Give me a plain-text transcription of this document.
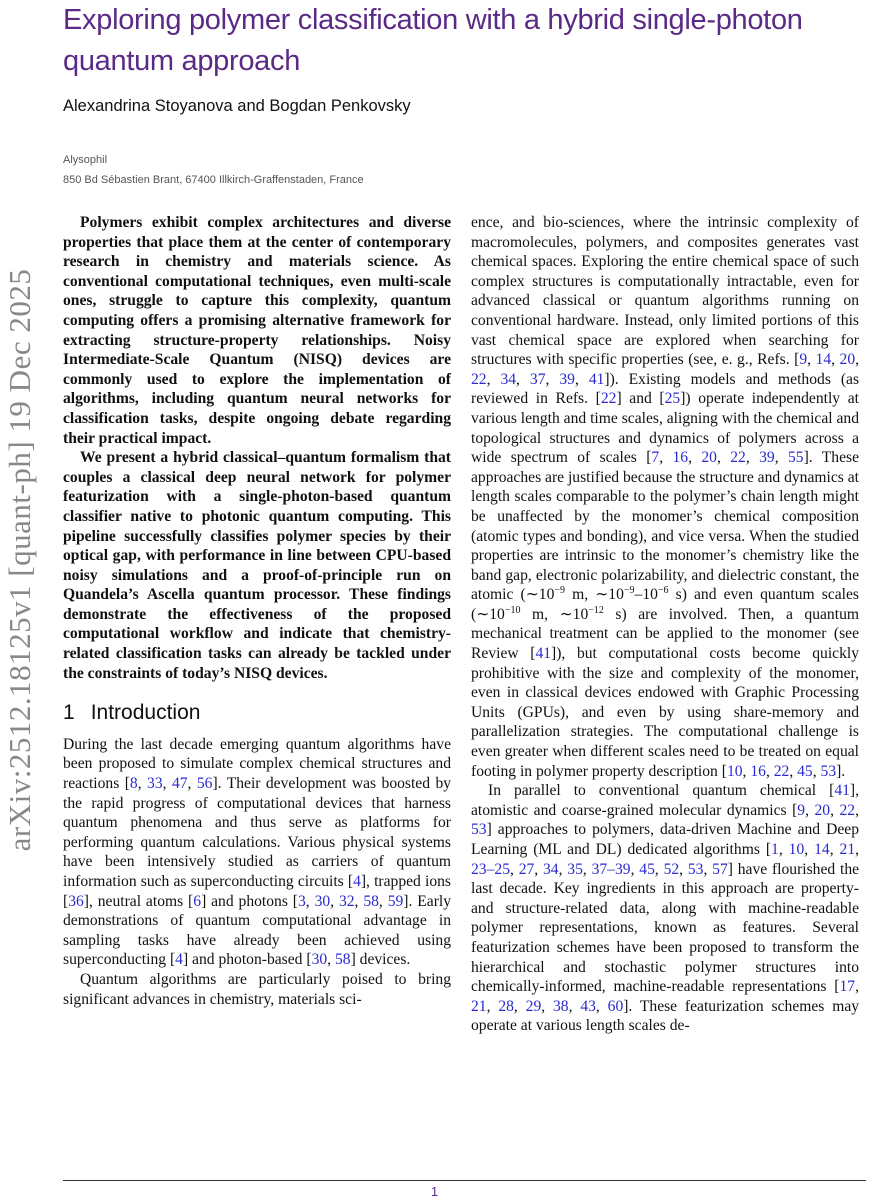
Exploring polymer classification with a hybrid single-photon quantum approach
Alexandrina Stoyanova and Bogdan Penkovsky
Alysophil
850 Bd Sébastien Brant, 67400 Illkirch-Graffenstaden, France
arXiv:2512.18125v1 [quant-ph] 19 Dec 2025

Polymers exhibit complex architectures and diverse properties that place them at the center of contemporary research in chemistry and materials science. As conventional computational techniques, even multi-scale ones, struggle to capture this complexity, quantum computing offers a promising alternative framework for extracting structure-property relationships. Noisy Intermediate-Scale Quantum (NISQ) devices are commonly used to explore the implementation of algorithms, including quantum neural networks for classification tasks, despite ongoing debate regarding their practical impact.

We present a hybrid classical–quantum formalism that couples a classical deep neural network for polymer featurization with a single-photon-based quantum classifier native to photonic quantum computing. This pipeline successfully classifies polymer species by their optical gap, with performance in line between CPU-based noisy simulations and a proof-of-principle run on Quandela’s Ascella quantum processor. These findings demonstrate the effectiveness of the proposed computational workflow and indicate that chemistry-related classification tasks can already be tackled under the constraints of today’s NISQ devices.

1 Introduction

During the last decade emerging quantum algorithms have been proposed to simulate complex chemical structures and reactions [8, 33, 47, 56]. Their development was boosted by the rapid progress of computational devices that harness quantum phenomena and thus serve as platforms for performing quantum calculations. Various physical systems have been intensively studied as carriers of quantum information such as superconducting circuits [4], trapped ions [36], neutral atoms [6] and photons [3, 30, 32, 58, 59]. Early demonstrations of quantum computational advantage in sampling tasks have already been achieved using superconducting [4] and photon-based [30, 58] devices.

Quantum algorithms are particularly poised to bring significant advances in chemistry, materials sci-

ence, and bio-sciences, where the intrinsic complexity of macromolecules, polymers, and composites generates vast chemical spaces. Exploring the entire chemical space of such complex structures is computationally intractable, even for advanced classical or quantum algorithms running on conventional hardware. Instead, only limited portions of this vast chemical space are explored when searching for structures with specific properties (see, e. g., Refs. [9, 14, 20, 22, 34, 37, 39, 41]). Existing models and methods (as reviewed in Refs. [22] and [25]) operate independently at various length and time scales, aligning with the chemical and topological structures and dynamics of polymers across a wide spectrum of scales [7, 16, 20, 22, 39, 55]. These approaches are justified because the structure and dynamics at length scales comparable to the polymer’s chain length might be unaffected by the monomer’s chemical composition (atomic types and bonding), and vice versa. When the studied properties are intrinsic to the monomer’s chemistry like the band gap, electronic polarizability, and dielectric constant, the atomic ($\sim 10^{-9}$ m, $\sim 10^{-9}-10^{-6}$ s) and even quantum scales ($\sim 10^{-10}$ m, $\sim 10^{-12}$ s) are involved. Then, a quantum mechanical treatment can be applied to the monomer (see Review [41]), but computational costs become quickly prohibitive with the size and complexity of the monomer, even in classical devices endowed with Graphic Processing Units (GPUs), and even by using share-memory and parallelization strategies. The computational challenge is even greater when different scales need to be treated on equal footing in polymer property description [10, 16, 22, 45, 53].

In parallel to conventional quantum chemical [41], atomistic and coarse-grained molecular dynamics [9, 20, 22, 53] approaches to polymers, data-driven Machine and Deep Learning (ML and DL) dedicated algorithms [1, 10, 14, 21, 23–25, 27, 34, 35, 37–39, 45, 52, 53, 57] have flourished the last decade. Key ingredients in this approach are property- and structure-related data, along with machine-readable polymer representations, known as features. Several featurization schemes have been proposed to transform the hierarchical and stochastic polymer structures into chemically-informed, machine-readable representations [17, 21, 28, 29, 38, 43, 60]. These featurization schemes may operate at various length scales de-

1
